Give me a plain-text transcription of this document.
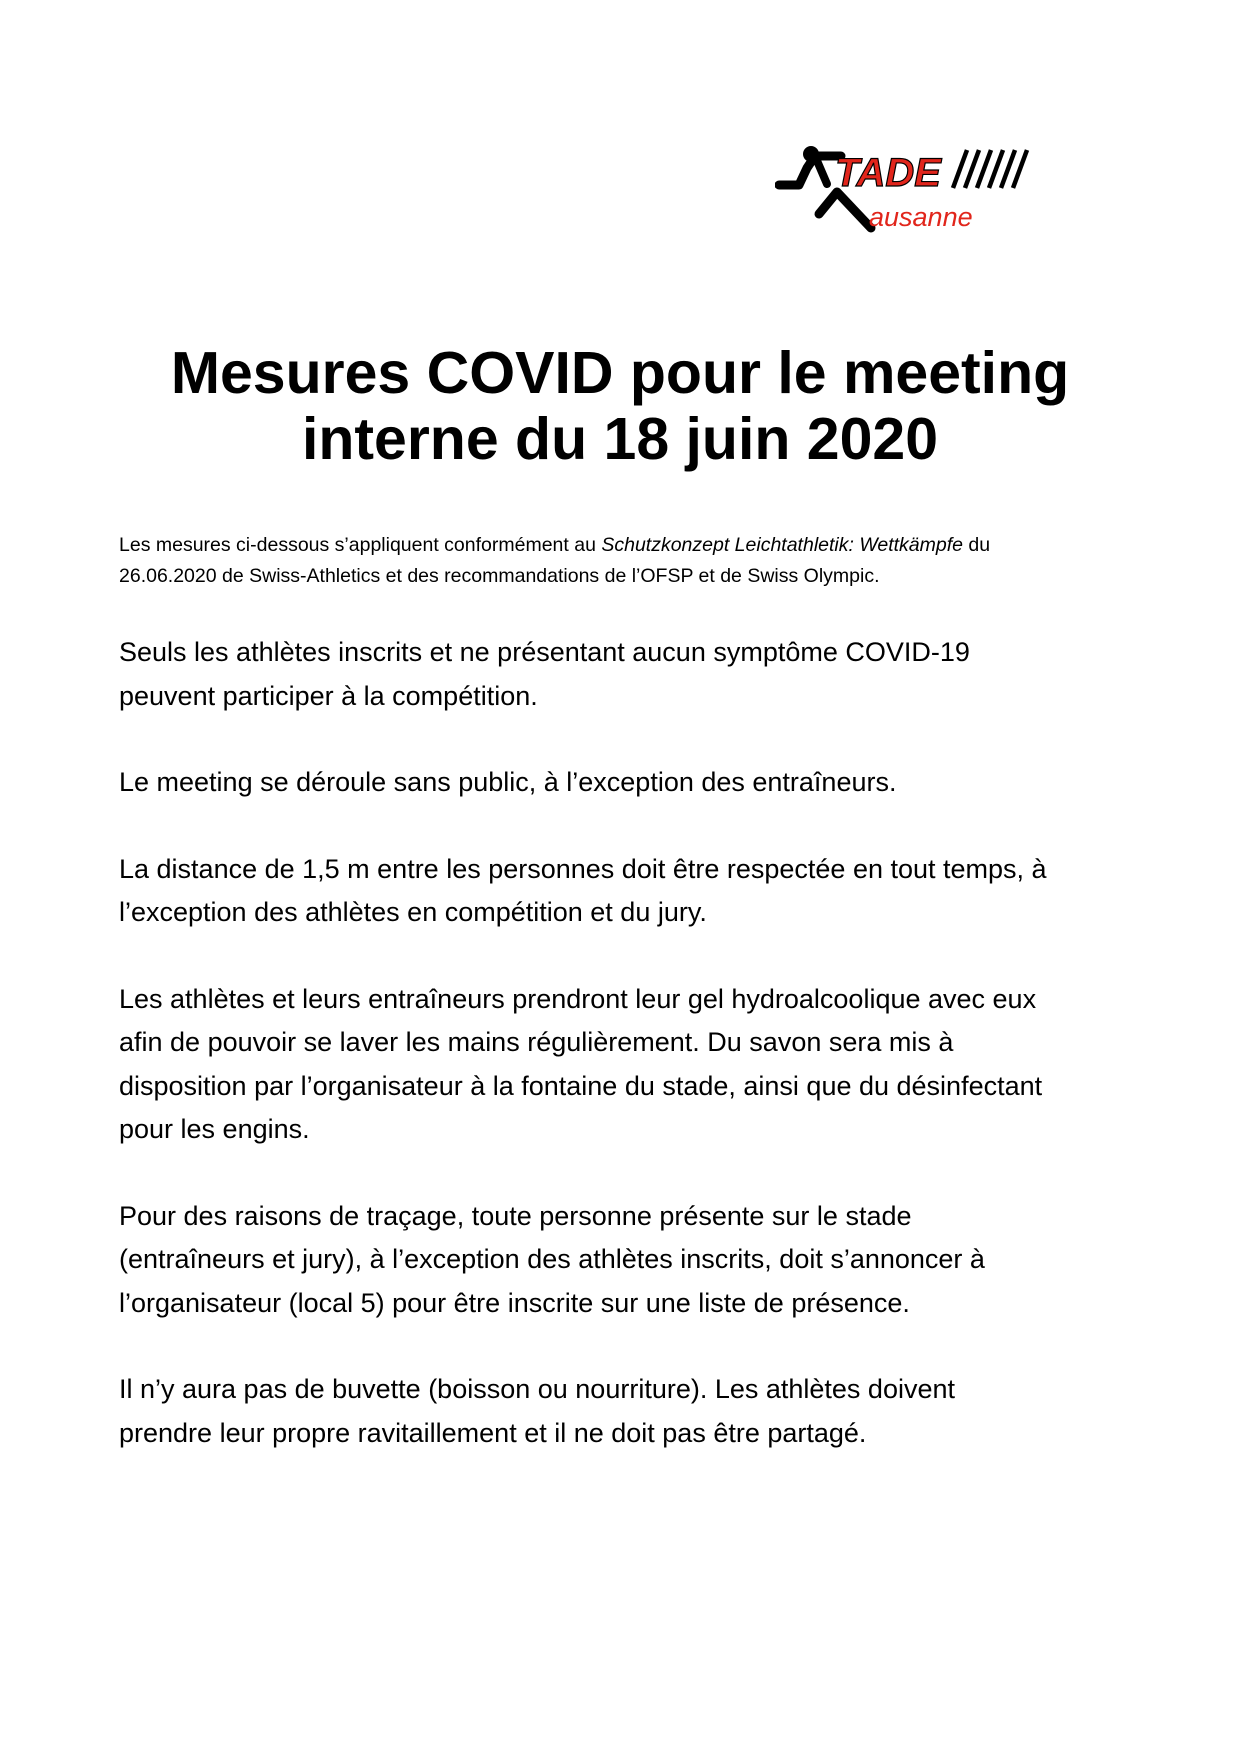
TADE
ausanne
Mesures COVID pour le meeting
interne du 18 juin 2020

Les mesures ci-dessous s’appliquent conformément au Schutzkonzept Leichtathletik: Wettkämpfe du
26.06.2020 de Swiss-Athletics et des recommandations de l’OFSP et de Swiss Olympic.

Seuls les athlètes inscrits et ne présentant aucun symptôme COVID-19
peuvent participer à la compétition.

Le meeting se déroule sans public, à l’exception des entraîneurs.

La distance de 1,5 m entre les personnes doit être respectée en tout temps, à
l’exception des athlètes en compétition et du jury.

Les athlètes et leurs entraîneurs prendront leur gel hydroalcoolique avec eux
afin de pouvoir se laver les mains régulièrement. Du savon sera mis à
disposition par l’organisateur à la fontaine du stade, ainsi que du désinfectant
pour les engins.

Pour des raisons de traçage, toute personne présente sur le stade
(entraîneurs et jury), à l’exception des athlètes inscrits, doit s’annoncer à
l’organisateur (local 5) pour être inscrite sur une liste de présence.

Il n’y aura pas de buvette (boisson ou nourriture). Les athlètes doivent
prendre leur propre ravitaillement et il ne doit pas être partagé.
